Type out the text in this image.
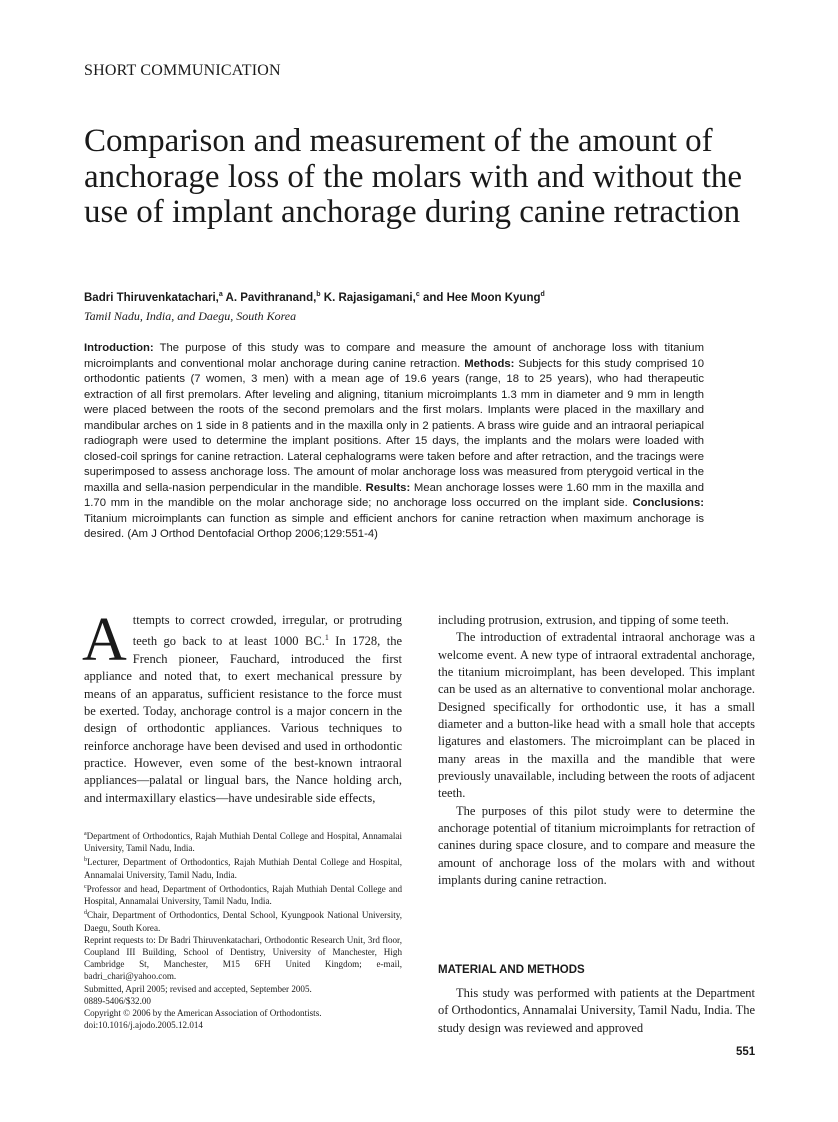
SHORT COMMUNICATION
Comparison and measurement of the amount of anchorage loss of the molars with and without the use of implant anchorage during canine retraction
Badri Thiruvenkatachari,$^a$ A. Pavithranand,$^b$ K. Rajasigamani,$^c$ and Hee Moon Kyung$^d$
Tamil Nadu, India, and Daegu, South Korea

Introduction: The purpose of this study was to compare and measure the amount of anchorage loss with titanium microimplants and conventional molar anchorage during canine retraction. Methods: Subjects for this study comprised 10 orthodontic patients (7 women, 3 men) with a mean age of 19.6 years (range, 18 to 25 years), who had therapeutic extraction of all first premolars. After leveling and aligning, titanium microimplants 1.3 mm in diameter and 9 mm in length were placed between the roots of the second premolars and the first molars. Implants were placed in the maxillary and mandibular arches on 1 side in 8 patients and in the maxilla only in 2 patients. A brass wire guide and an intraoral periapical radiograph were used to determine the implant positions. After 15 days, the implants and the molars were loaded with closed-coil springs for canine retraction. Lateral cephalograms were taken before and after retraction, and the tracings were superimposed to assess anchorage loss. The amount of molar anchorage loss was measured from pterygoid vertical in the maxilla and sella-nasion perpendicular in the mandible. Results: Mean anchorage losses were 1.60 mm in the maxilla and 1.70 mm in the mandible on the molar anchorage side; no anchorage loss occurred on the implant side. Conclusions: Titanium microimplants can function as simple and efficient anchors for canine retraction when maximum anchorage is desired. (Am J Orthod Dentofacial Orthop 2006;129:551-4)

Attempts to correct crowded, irregular, or protruding teeth go back to at least 1000 BC.$^1$ In 1728, the French pioneer, Fauchard, introduced the first appliance and noted that, to exert mechanical pressure by means of an apparatus, sufficient resistance to the force must be exerted. Today, anchorage control is a major concern in the design of orthodontic appliances. Various techniques to reinforce anchorage have been devised and used in orthodontic practice. However, even some of the best-known intraoral appliances—palatal or lingual bars, the Nance holding arch, and intermaxillary elastics—have undesirable side effects,

$^a$Department of Orthodontics, Rajah Muthiah Dental College and Hospital, Annamalai University, Tamil Nadu, India.
$^b$Lecturer, Department of Orthodontics, Rajah Muthiah Dental College and Hospital, Annamalai University, Tamil Nadu, India.
$^c$Professor and head, Department of Orthodontics, Rajah Muthiah Dental College and Hospital, Annamalai University, Tamil Nadu, India.
$^d$Chair, Department of Orthodontics, Dental School, Kyungpook National University, Daegu, South Korea.
Reprint requests to: Dr Badri Thiruvenkatachari, Orthodontic Research Unit, 3rd floor, Coupland III Building, School of Dentistry, University of Manchester, High Cambridge St, Manchester, M15 6FH United Kingdom; e-mail, badri_chari@yahoo.com.
Submitted, April 2005; revised and accepted, September 2005.
0889-5406/$32.00
Copyright © 2006 by the American Association of Orthodontists.
doi:10.1016/j.ajodo.2005.12.014

including protrusion, extrusion, and tipping of some teeth.

The introduction of extradental intraoral anchorage was a welcome event. A new type of intraoral extradental anchorage, the titanium microimplant, has been developed. This implant can be used as an alternative to conventional molar anchorage. Designed specifically for orthodontic use, it has a small diameter and a button-like head with a small hole that accepts ligatures and elastomers. The microimplant can be placed in many areas in the maxilla and the mandible that were previously unavailable, including between the roots of adjacent teeth.

The purposes of this pilot study were to determine the anchorage potential of titanium microimplants for retraction of canines during space closure, and to compare and measure the amount of anchorage loss of the molars with and without implants during canine retraction.

MATERIAL AND METHODS

This study was performed with patients at the Department of Orthodontics, Annamalai University, Tamil Nadu, India. The study design was reviewed and approved

551
